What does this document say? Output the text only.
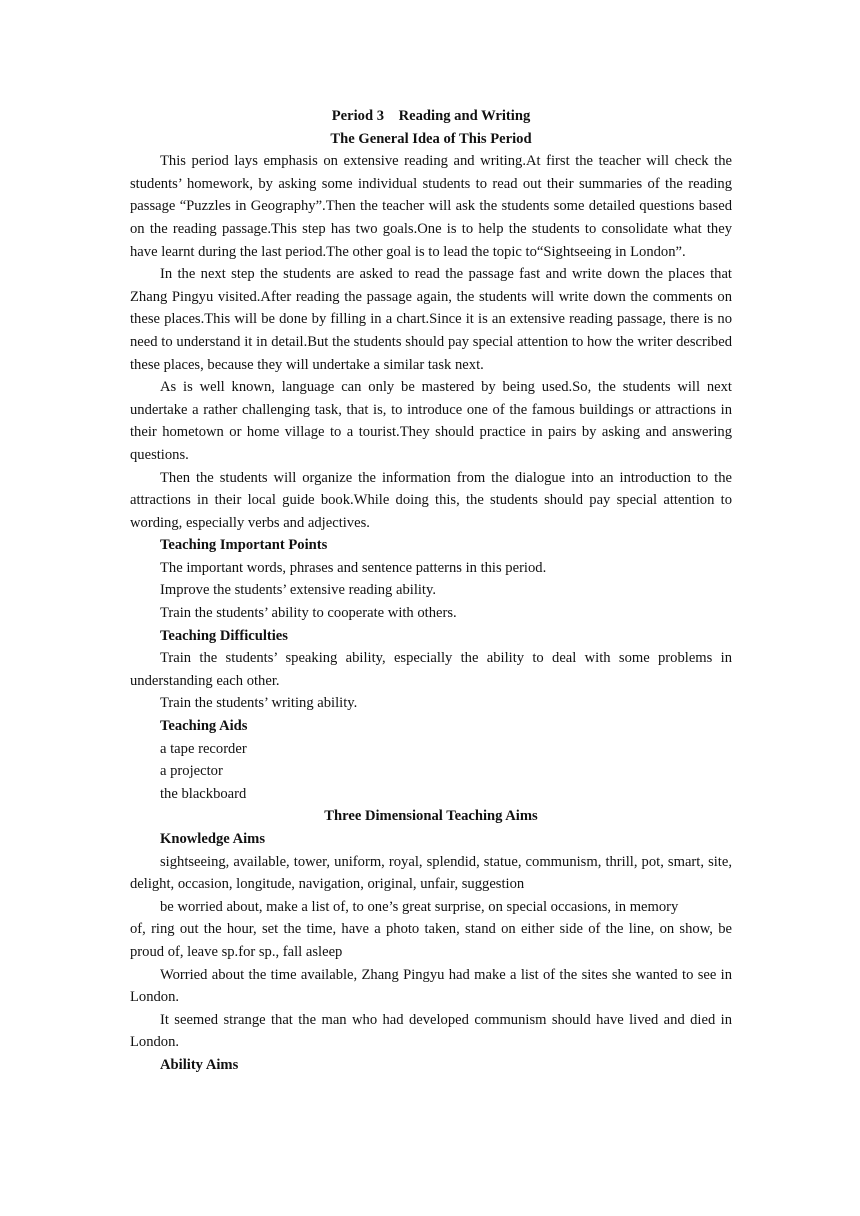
Period 3    Reading and Writing
The General Idea of This Period

This period lays emphasis on extensive reading and writing.At first the teacher will check the students’ homework, by asking some individual students to read out their summaries of the reading passage “Puzzles in Geography”.Then the teacher will ask the students some detailed questions based on the reading passage.This step has two goals.One is to help the students to consolidate what they have learnt during the last period.The other goal is to lead the topic to“Sightseeing in London”.

In the next step the students are asked to read the passage fast and write down the places that Zhang Pingyu visited.After reading the passage again, the students will write down the comments on these places.This will be done by filling in a chart.Since it is an extensive reading passage, there is no need to understand it in detail.But the students should pay special attention to how the writer described these places, because they will undertake a similar task next.

As is well known, language can only be mastered by being used.So, the students will next undertake a rather challenging task, that is, to introduce one of the famous buildings or attractions in their hometown or home village to a tourist.They should practice in pairs by asking and answering questions.

Then the students will organize the information from the dialogue into an introduction to the attractions in their local guide book.While doing this, the students should pay special attention to wording, especially verbs and adjectives.

Teaching Important Points

The important words, phrases and sentence patterns in this period.

Improve the students’ extensive reading ability.

Train the students’ ability to cooperate with others.

Teaching Difficulties

Train the students’ speaking ability, especially the ability to deal with some problems in understanding each other.

Train the students’ writing ability.

Teaching Aids

a tape recorder

a projector

the blackboard

Three Dimensional Teaching Aims

Knowledge Aims

sightseeing, available, tower, uniform, royal, splendid, statue, communism, thrill, pot, smart, site, delight, occasion, longitude, navigation, original, unfair, suggestion

be worried about, make a list of, to one’s great surprise, on special occasions, in memory

of, ring out the hour, set the time, have a photo taken, stand on either side of the line, on show, be proud of, leave sp.for sp., fall asleep

Worried about the time available, Zhang Pingyu had make a list of the sites she wanted to see in London.

It seemed strange that the man who had developed communism should have lived and died in London.

Ability Aims
